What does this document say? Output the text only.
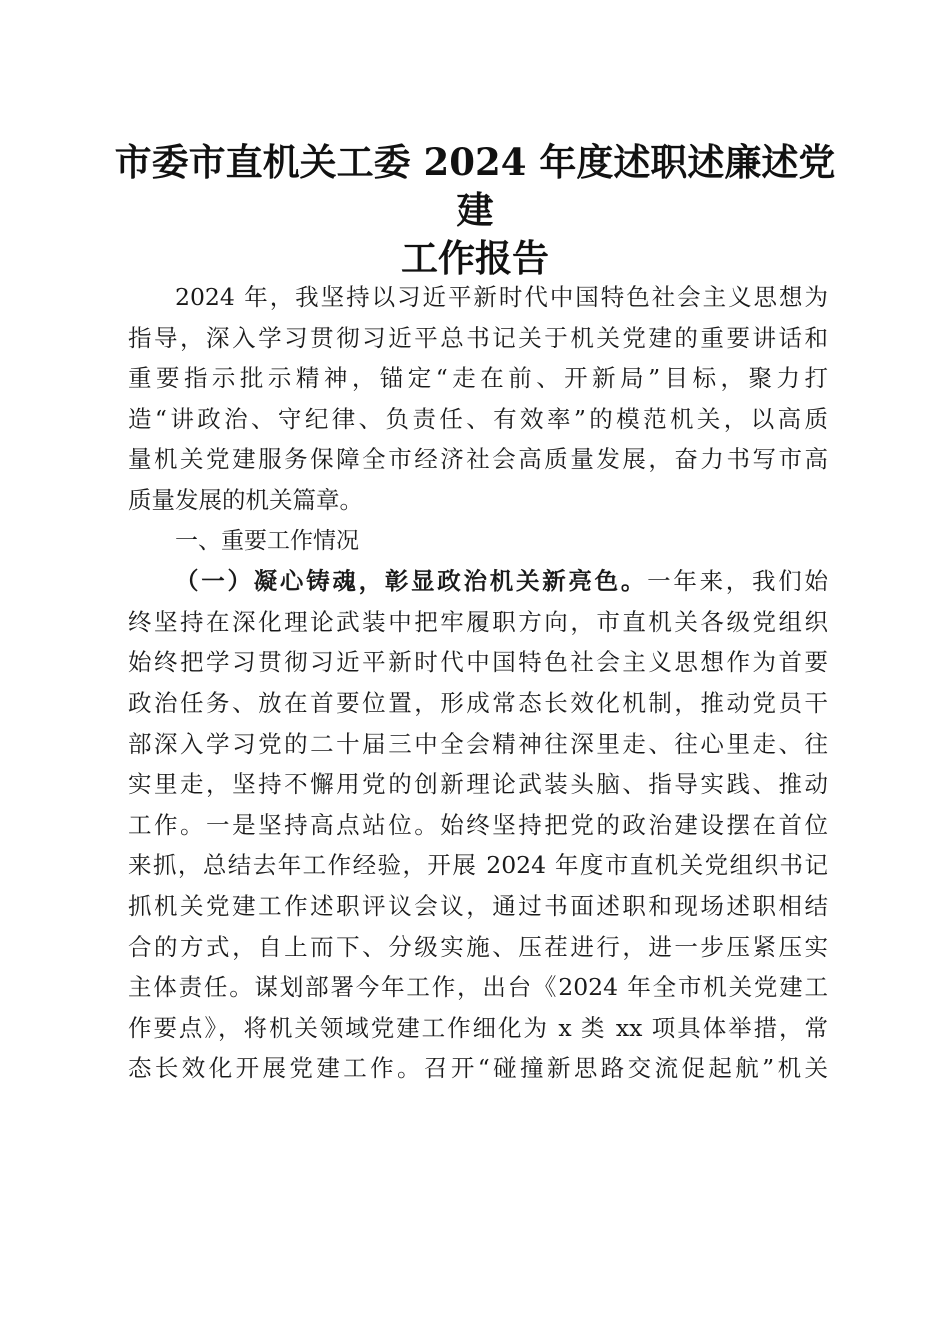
市委市直机关工委 2024 年度述职述廉述党建
工作报告
2024 年，我坚持以习近平新时代中国特色社会主义思想为
指导，深入学习贯彻习近平总书记关于机关党建的重要讲话和
重要指示批示精神，锚定“走在前、开新局”目标，聚力打
造“讲政治、守纪律、负责任、有效率”的模范机关，以高质
量机关党建服务保障全市经济社会高质量发展，奋力书写市高
质量发展的机关篇章。
一、重要工作情况
（一）凝心铸魂，彰显政治机关新亮色。一年来，我们始
终坚持在深化理论武装中把牢履职方向，市直机关各级党组织
始终把学习贯彻习近平新时代中国特色社会主义思想作为首要
政治任务、放在首要位置，形成常态长效化机制，推动党员干
部深入学习党的二十届三中全会精神往深里走、往心里走、往
实里走，坚持不懈用党的创新理论武装头脑、指导实践、推动
工作。一是坚持高点站位。始终坚持把党的政治建设摆在首位
来抓，总结去年工作经验，开展 2024 年度市直机关党组织书记
抓机关党建工作述职评议会议，通过书面述职和现场述职相结
合的方式，自上而下、分级实施、压茬进行，进一步压紧压实
主体责任。谋划部署今年工作，出台《2024 年全市机关党建工
作要点》，将机关领域党建工作细化为 x 类 xx 项具体举措，常
态长效化开展党建工作。召开“碰撞新思路交流促起航”机关
